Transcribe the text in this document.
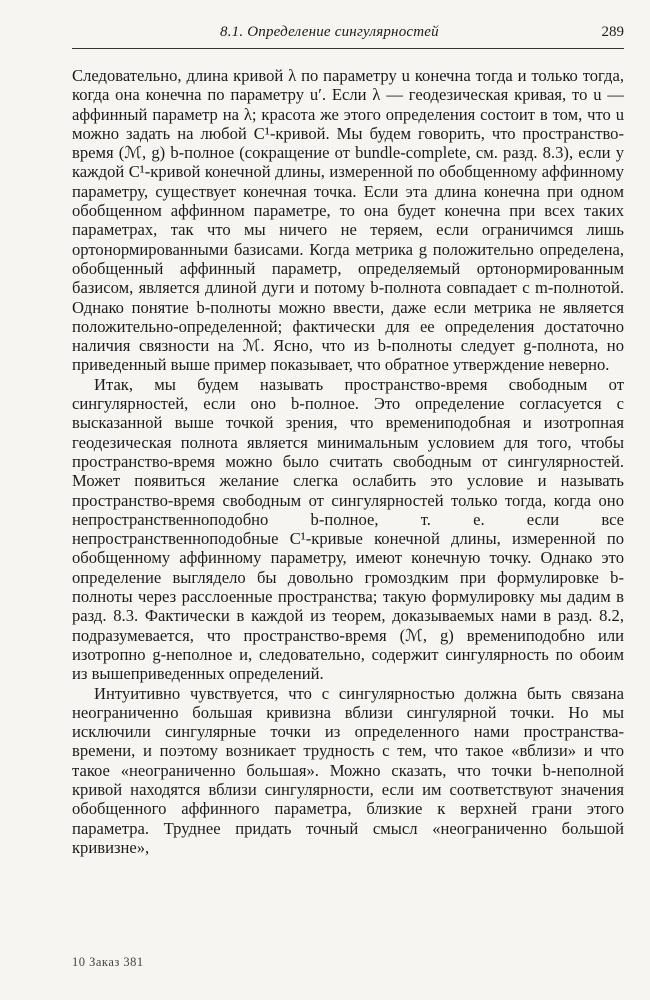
8.1. Определение сингулярностей	289

Следовательно, длина кривой λ по параметру u конечна тогда и только тогда, когда она конечна по параметру u′. Если λ — геодезическая кривая, то u — аффинный параметр на λ; красота же этого определения состоит в том, что u можно задать на любой C¹-кривой. Мы будем говорить, что пространство-время (ℳ, g) b-полное (сокращение от bundle-complete, см. разд. 8.3), если у каждой C¹-кривой конечной длины, измеренной по обобщенному аффинному параметру, существует конечная точка. Если эта длина конечна при одном обобщенном аффинном параметре, то она будет конечна при всех таких параметрах, так что мы ничего не теряем, если ограничимся лишь ортонормированными базисами. Когда метрика g положительно определена, обобщенный аффинный параметр, определяемый ортонормированным базисом, является длиной дуги и потому b-полнота совпадает с m-полнотой. Однако понятие b-полноты можно ввести, даже если метрика не является положительно-определенной; фактически для ее определения достаточно наличия связности на ℳ. Ясно, что из b-полноты следует g-полнота, но приведенный выше пример показывает, что обратное утверждение неверно.

Итак, мы будем называть пространство-время свободным от сингулярностей, если оно b-полное. Это определение согласуется с высказанной выше точкой зрения, что времениподобная и изотропная геодезическая полнота является минимальным условием для того, чтобы пространство-время можно было считать свободным от сингулярностей. Может появиться желание слегка ослабить это условие и называть пространство-время свободным от сингулярностей только тогда, когда оно непространственноподобно b-полное, т. е. если все непространственноподобные C¹-кривые конечной длины, измеренной по обобщенному аффинному параметру, имеют конечную точку. Однако это определение выглядело бы довольно громоздким при формулировке b-полноты через расслоенные пространства; такую формулировку мы дадим в разд. 8.3. Фактически в каждой из теорем, доказываемых нами в разд. 8.2, подразумевается, что пространство-время (ℳ, g) времениподобно или изотропно g-неполное и, следовательно, содержит сингулярность по обоим из вышеприведенных определений.

Интуитивно чувствуется, что с сингулярностью должна быть связана неограниченно большая кривизна вблизи сингулярной точки. Но мы исключили сингулярные точки из определенного нами пространства-времени, и поэтому возникает трудность с тем, что такое «вблизи» и что такое «неограниченно большая». Можно сказать, что точки b-неполной кривой находятся вблизи сингулярности, если им соответствуют значения обобщенного аффинного параметра, близкие к верхней грани этого параметра. Труднее придать точный смысл «неограниченно большой кривизне»,

10 Заказ 381
